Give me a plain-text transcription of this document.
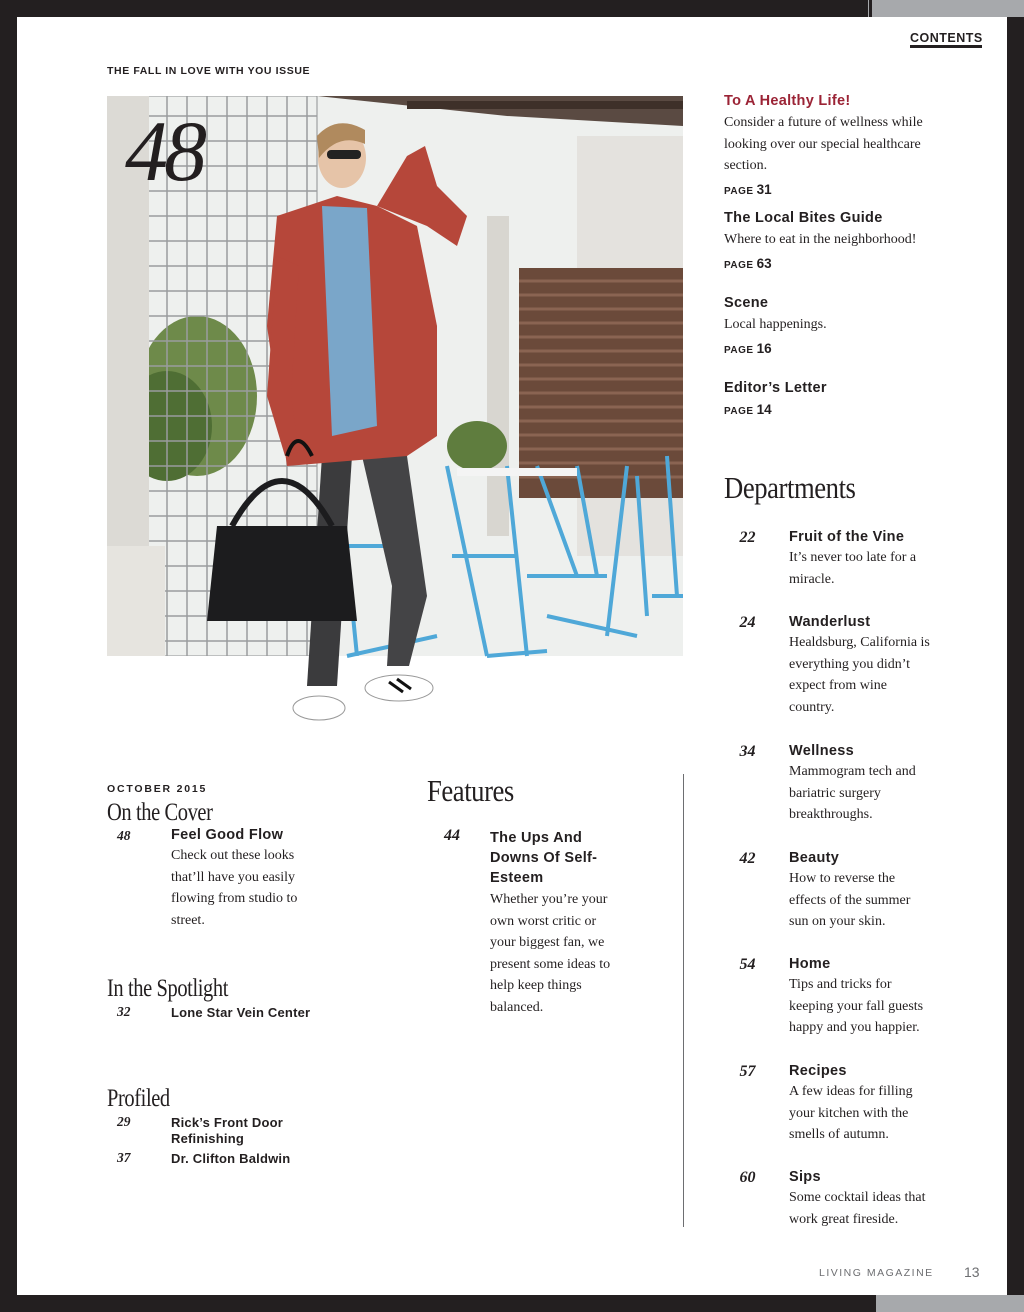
CONTENTS
THE FALL IN LOVE WITH YOU ISSUE
48
To A Healthy Life!
Consider a future of wellness while looking over our special healthcare section.
PAGE 31
The Local Bites Guide
Where to eat in the neighborhood!
PAGE 63
Scene
Local happenings.
PAGE 16
Editor’s Letter
PAGE 14
Departments
22	Fruit of the Vine
It’s never too late for a miracle.
24	Wanderlust
Healdsburg, California is everything you didn’t expect from wine country.
34	Wellness
Mammogram tech and bariatric surgery breakthroughs.
42	Beauty
How to reverse the effects of the summer sun on your skin.
54	Home
Tips and tricks for keeping your fall guests happy and you happier.
57	Recipes
A few ideas for filling your kitchen with the smells of autumn.
60	Sips
Some cocktail ideas that work great fireside.
OCTOBER 2015
On the Cover
48	Feel Good Flow
Check out these looks that’ll have you easily flowing from studio to street.
In the Spotlight
32	Lone Star Vein Center
Profiled
29	Rick’s Front Door Refinishing
37	Dr. Clifton Baldwin
Features
44	The Ups And Downs Of Self-Esteem
Whether you’re your own worst critic or your biggest fan, we present some ideas to help keep things balanced.
LIVING MAGAZINE 13
